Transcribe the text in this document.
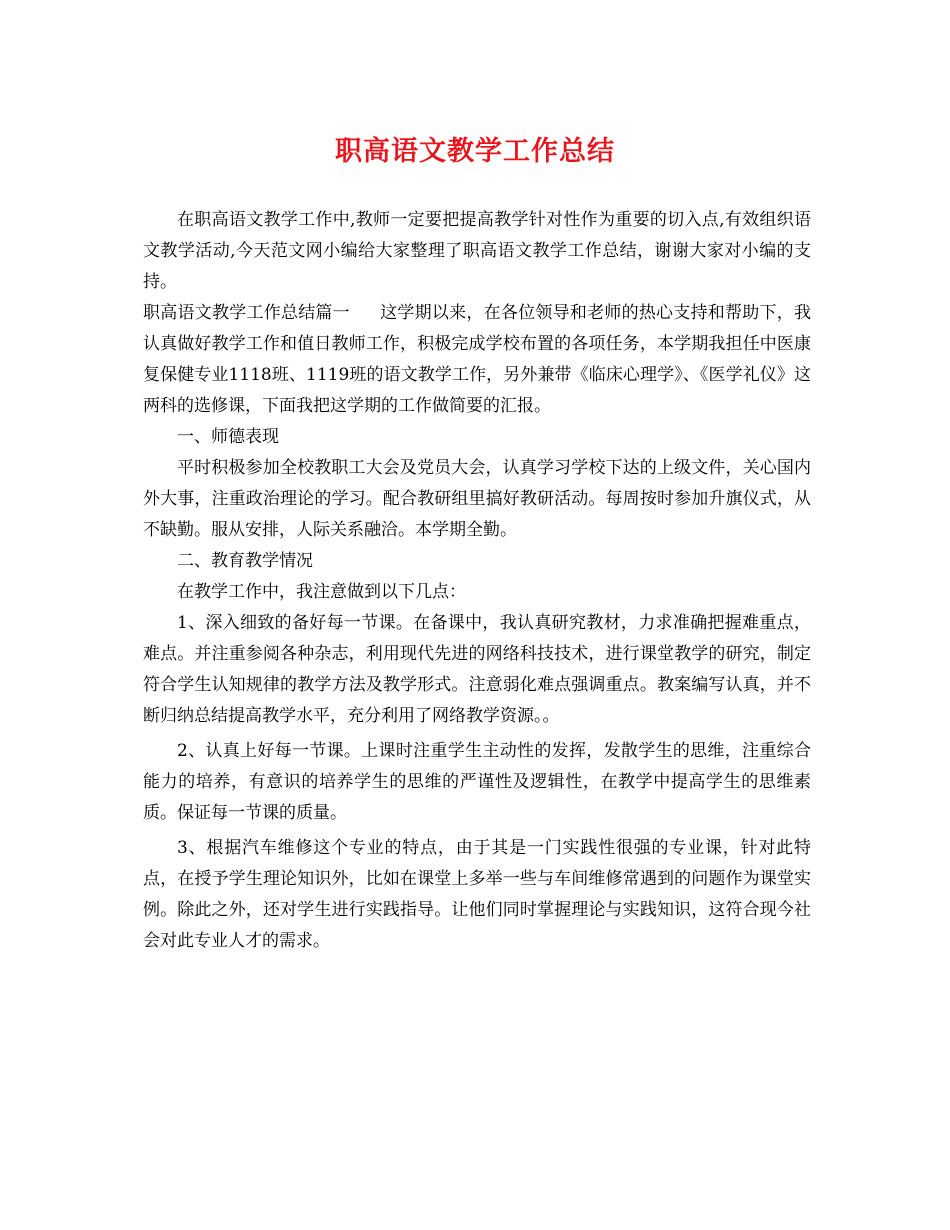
职高语文教学工作总结

在职高语文教学工作中,教师一定要把提高教学针对性作为重要的切入点,有效组织语文教学活动,今天范文网小编给大家整理了职高语文教学工作总结，谢谢大家对小编的支持。

职高语文教学工作总结篇一 这学期以来，在各位领导和老师的热心支持和帮助下，我认真做好教学工作和值日教师工作，积极完成学校布置的各项任务，本学期我担任中医康复保健专业1118班、1119班的语文教学工作，另外兼带《临床心理学》、《医学礼仪》这两科的选修课，下面我把这学期的工作做简要的汇报。

一、师德表现

平时积极参加全校教职工大会及党员大会，认真学习学校下达的上级文件，关心国内外大事，注重政治理论的学习。配合教研组里搞好教研活动。每周按时参加升旗仪式，从不缺勤。服从安排，人际关系融洽。本学期全勤。

二、教育教学情况

在教学工作中，我注意做到以下几点：

1、深入细致的备好每一节课。在备课中，我认真研究教材，力求准确把握难重点，难点。并注重参阅各种杂志，利用现代先进的网络科技技术，进行课堂教学的研究，制定符合学生认知规律的教学方法及教学形式。注意弱化难点强调重点。教案编写认真，并不断归纳总结提高教学水平，充分利用了网络教学资源。。

2、认真上好每一节课。上课时注重学生主动性的发挥，发散学生的思维，注重综合能力的培养，有意识的培养学生的思维的严谨性及逻辑性，在教学中提高学生的思维素质。保证每一节课的质量。

3、根据汽车维修这个专业的特点，由于其是一门实践性很强的专业课，针对此特点，在授予学生理论知识外，比如在课堂上多举一些与车间维修常遇到的问题作为课堂实例。除此之外，还对学生进行实践指导。让他们同时掌握理论与实践知识，这符合现今社会对此专业人才的需求。
